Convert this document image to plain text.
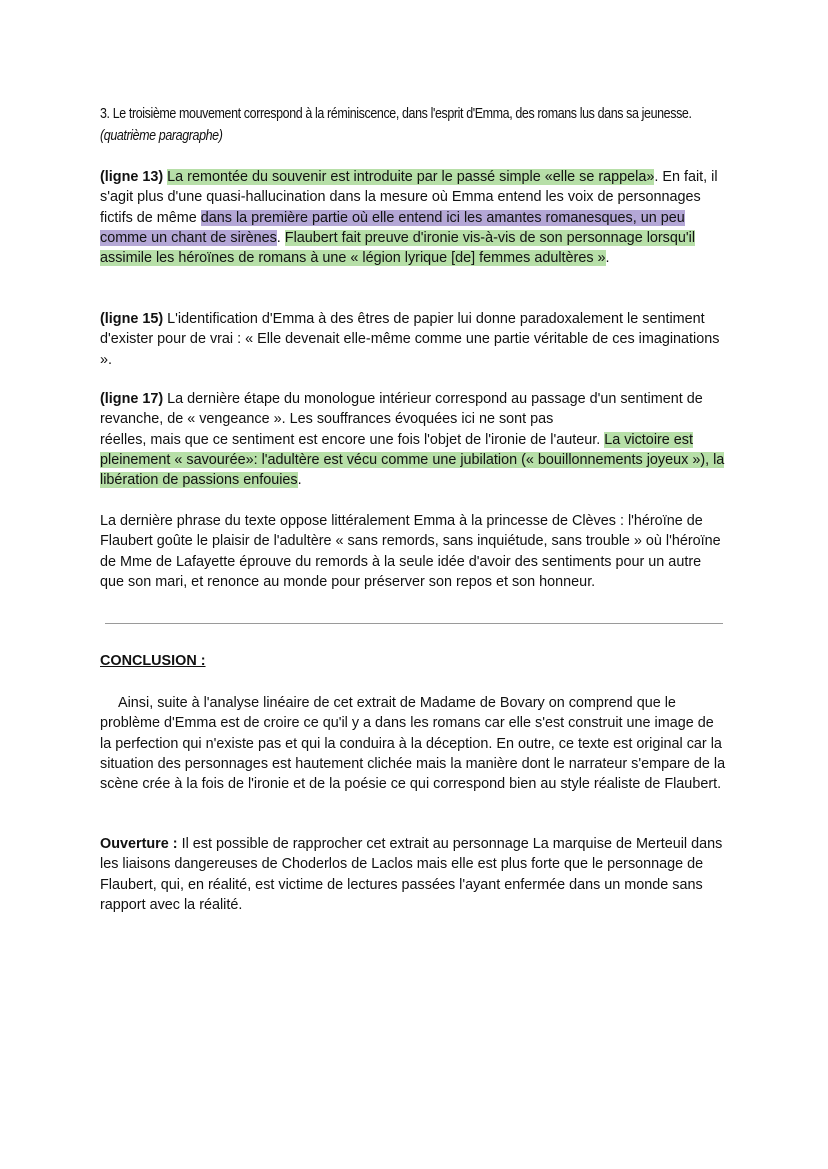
3. Le troisième mouvement correspond à la réminiscence, dans l'esprit d'Emma, des romans lus dans sa jeunesse.
(quatrième paragraphe)

(ligne 13) La remontée du souvenir est introduite par le passé simple «elle se rappela». En fait, il s'agit plus d'une quasi-hallucination dans la mesure où Emma entend les voix de personnages fictifs de même dans la première partie où elle entend ici les amantes romanesques, un peu comme un chant de sirènes. Flaubert fait preuve d'ironie vis-à-vis de son personnage lorsqu'il assimile les héroïnes de romans à une « légion lyrique [de] femmes adultères ».

(ligne 15) L'identification d'Emma à des êtres de papier lui donne paradoxalement le sentiment d'exister pour de vrai : « Elle devenait elle-même comme une partie véritable de ces imaginations ».

(ligne 17) La dernière étape du monologue intérieur correspond au passage d'un sentiment de revanche, de « vengeance ». Les souffrances évoquées ici ne sont pas
réelles, mais que ce sentiment est encore une fois l'objet de l'ironie de l'auteur. La victoire est pleinement « savourée»: l'adultère est vécu comme une jubilation (« bouillonnements joyeux »), la libération de passions enfouies.

La dernière phrase du texte oppose littéralement Emma à la princesse de Clèves : l'héroïne de Flaubert goûte le plaisir de l'adultère « sans remords, sans inquiétude, sans trouble » où l'héroïne de Mme de Lafayette éprouve du remords à la seule idée d'avoir des sentiments pour un autre que son mari, et renonce au monde pour préserver son repos et son honneur.

CONCLUSION :

Ainsi, suite à l'analyse linéaire de cet extrait de Madame de Bovary on comprend que le problème d'Emma est de croire ce qu'il y a dans les romans car elle s'est construit une image de la perfection qui n'existe pas et qui la conduira à la déception. En outre, ce texte est original car la situation des personnages est hautement clichée mais la manière dont le narrateur s'empare de la scène crée à la fois de l'ironie et de la poésie ce qui correspond bien au style réaliste de Flaubert.

Ouverture : Il est possible de rapprocher cet extrait au personnage La marquise de Merteuil dans les liaisons dangereuses de Choderlos de Laclos mais elle est plus forte que le personnage de Flaubert, qui, en réalité, est victime de lectures passées l'ayant enfermée dans un monde sans rapport avec la réalité.
